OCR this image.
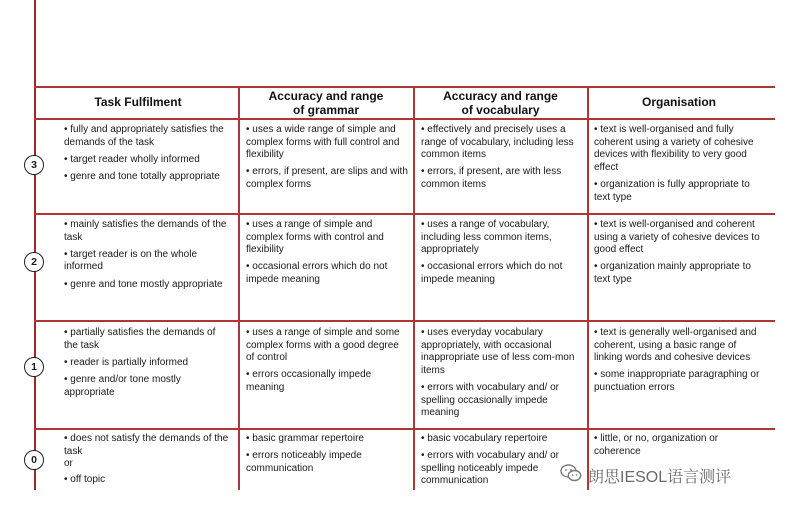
Task Fulfilment	Accuracy and range
of grammar
Accuracy and range
of vocabulary
Organisation
3

• fully and appropriately satisfies the demands of the task

• target reader wholly informed

• genre and tone totally appropriate

• uses a wide range of simple and complex forms with full control and flexibility

• errors, if present, are slips and with complex forms

• effectively and precisely uses a range of vocabulary, including less common items

• errors, if present, are with less common items

• text is well-organised and fully coherent using a variety of cohesive devices with flexibility to very good effect

• organization is fully appropriate to text type

2

• mainly satisfies the demands of the task

• target reader is on the whole informed

• genre and tone mostly appropriate

• uses a range of simple and complex forms with control and flexibility

• occasional errors which do not impede meaning

• uses a range of vocabulary, including less common items, appropriately

• occasional errors which do not impede meaning

• text is well-organised and coherent using a variety of cohesive devices to good effect

• organization mainly appropriate to text type

1

• partially satisfies the demands of the task

• reader is partially informed

• genre and/or tone mostly appropriate

• uses a range of simple and some complex forms with a good degree of control

• errors occasionally impede meaning

• uses everyday vocabulary appropriately, with occasional inappropriate use of less com-mon items

• errors with vocabulary and/ or spelling occasionally impede meaning

• text is generally well-organised and coherent, using a basic range of linking words and cohesive devices

• some inappropriate paragraphing or punctuation errors

0

• does not satisfy the demands of the task

or

• off topic

• basic grammar repertoire

• errors noticeably impede communication

• basic vocabulary repertoire

• errors with vocabulary and/ or spelling noticeably impede communication

• little, or no, organization or coherence

朗思IESOL语言测评
